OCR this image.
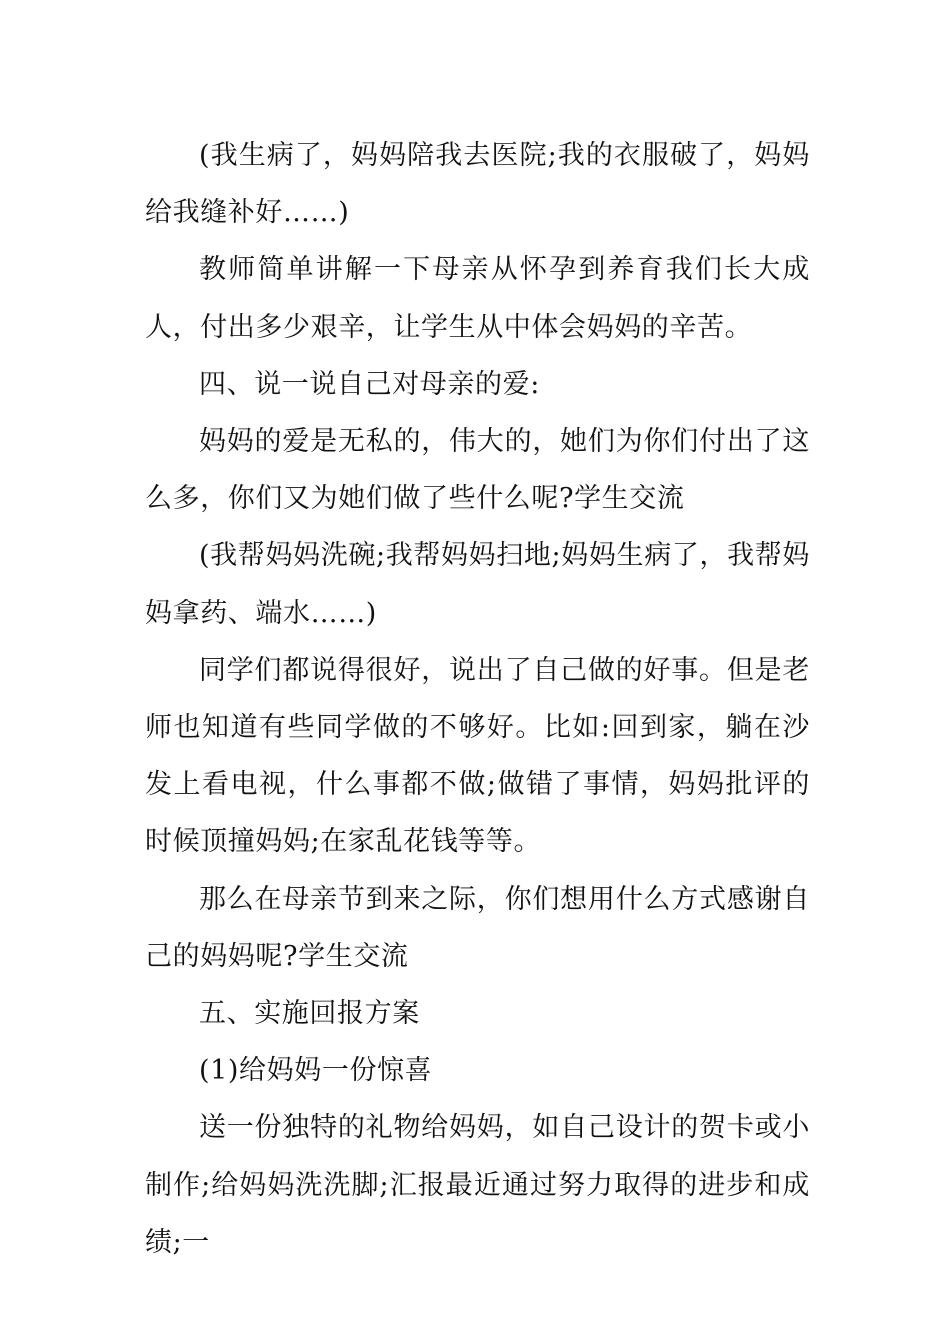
(我生病了，妈妈陪我去医院;我的衣服破了，妈妈给我缝补好……)

教师简单讲解一下母亲从怀孕到养育我们长大成人，付出多少艰辛，让学生从中体会妈妈的辛苦。

四、说一说自己对母亲的爱:

妈妈的爱是无私的，伟大的，她们为你们付出了这么多，你们又为她们做了些什么呢?学生交流

(我帮妈妈洗碗;我帮妈妈扫地;妈妈生病了，我帮妈妈拿药、端水……)

同学们都说得很好，说出了自己做的好事。但是老师也知道有些同学做的不够好。比如:回到家，躺在沙发上看电视，什么事都不做;做错了事情，妈妈批评的时候顶撞妈妈;在家乱花钱等等。

那么在母亲节到来之际，你们想用什么方式感谢自己的妈妈呢?学生交流

五、实施回报方案

(1)给妈妈一份惊喜

送一份独特的礼物给妈妈，如自己设计的贺卡或小制作;给妈妈洗洗脚;汇报最近通过努力取得的进步和成绩;一
